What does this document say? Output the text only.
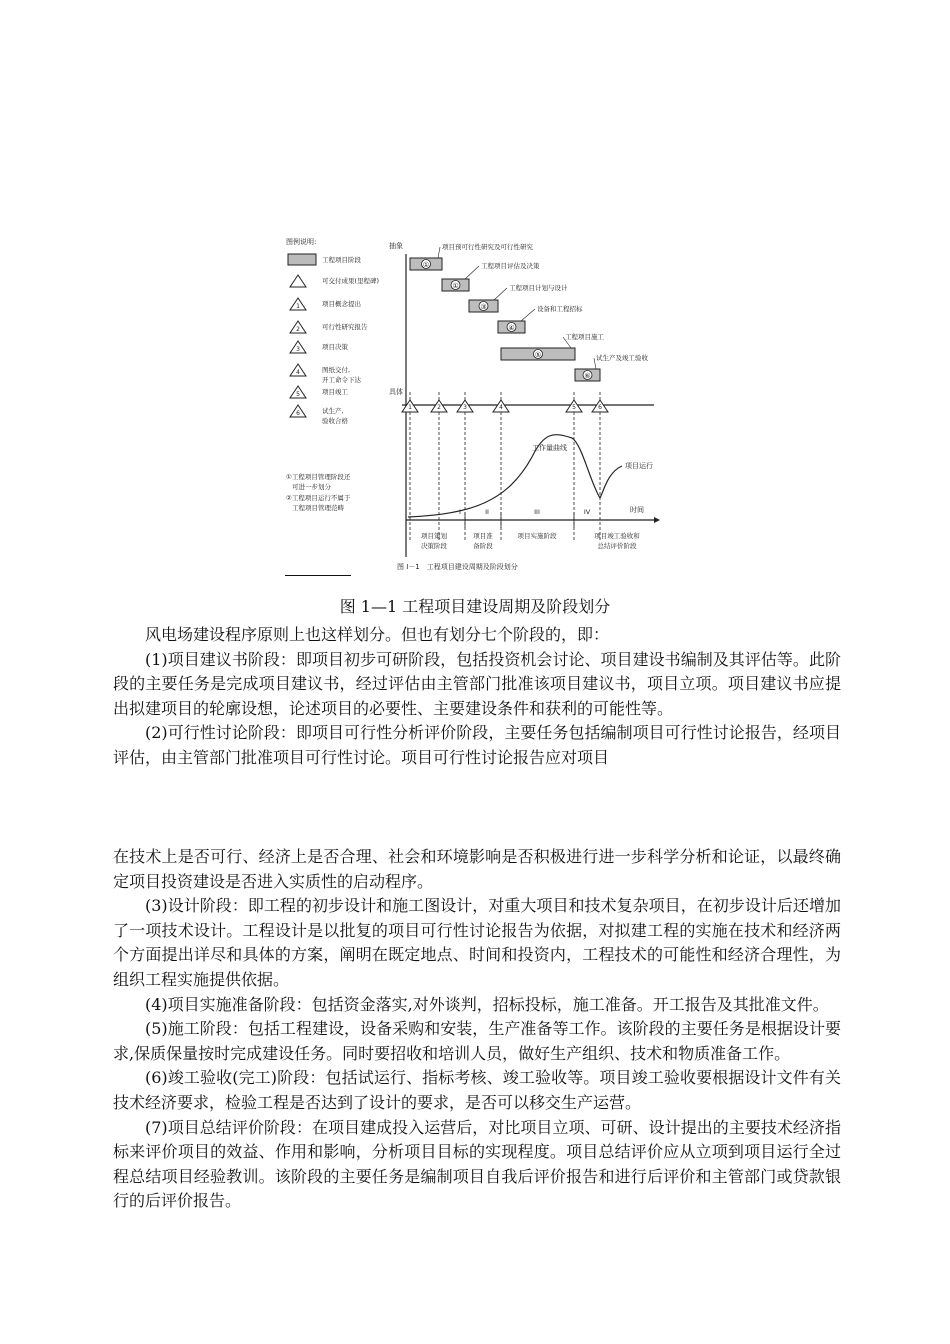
图例说明:
工程项目阶段
可交付成果(里程碑)
1	项目概念提出
2	可行性研究报告
3	项目决策
4	图纸交付,
开工命令下达
5	项目竣工
6	试生产,
验收合格
①工程项目管理阶段还
可进一步划分
②工程项目运行不属于
工程项目管理范畴
抽象
具体
时间
①
项目预可行性研究及可行性研究
①
工程项目评估及决策
③
工程项目计划与设计
④
设备和工程招标
⑤
工程项目施工
⑥
试生产及竣工验收
1	2	3	4	5	6
工作量曲线
项目运行
I	II	III	IV
项目策划
决策阶段
项目准
备阶段
项目实施阶段	项目竣工验收和
总结评价阶段
图 I－1　工程项目建设周期及阶段划分
图 1—1 工程项目建设周期及阶段划分

风电场建设程序原则上也这样划分。但也有划分七个阶段的，即：

(1)项目建议书阶段：即项目初步可研阶段，包括投资机会讨论、项目建设书编制及其评估等。此阶段的主要任务是完成项目建议书，经过评估由主管部门批准该项目建议书，项目立项。项目建议书应提出拟建项目的轮廓设想，论述项目的必要性、主要建设条件和获利的可能性等。

(2)可行性讨论阶段：即项目可行性分析评价阶段，主要任务包括编制项目可行性讨论报告，经项目评估，由主管部门批准项目可行性讨论。项目可行性讨论报告应对项目

在技术上是否可行、经济上是否合理、社会和环境影响是否积极进行进一步科学分析和论证，以最终确定项目投资建设是否进入实质性的启动程序。

(3)设计阶段：即工程的初步设计和施工图设计，对重大项目和技术复杂项目，在初步设计后还增加了一项技术设计。工程设计是以批复的项目可行性讨论报告为依据，对拟建工程的实施在技术和经济两个方面提出详尽和具体的方案，阐明在既定地点、时间和投资内，工程技术的可能性和经济合理性，为组织工程实施提供依据。

(4)项目实施准备阶段：包括资金落实,对外谈判，招标投标，施工准备。开工报告及其批准文件。

(5)施工阶段：包括工程建设，设备采购和安装，生产准备等工作。该阶段的主要任务是根据设计要求,保质保量按时完成建设任务。同时要招收和培训人员，做好生产组织、技术和物质准备工作。

(6)竣工验收(完工)阶段：包括试运行、指标考核、竣工验收等。项目竣工验收要根据设计文件有关技术经济要求，检验工程是否达到了设计的要求，是否可以移交生产运营。

(7)项目总结评价阶段：在项目建成投入运营后，对比项目立项、可研、设计提出的主要技术经济指标来评价项目的效益、作用和影响，分析项目目标的实现程度。项目总结评价应从立项到项目运行全过程总结项目经验教训。该阶段的主要任务是编制项目自我后评价报告和进行后评价和主管部门或贷款银行的后评价报告。
